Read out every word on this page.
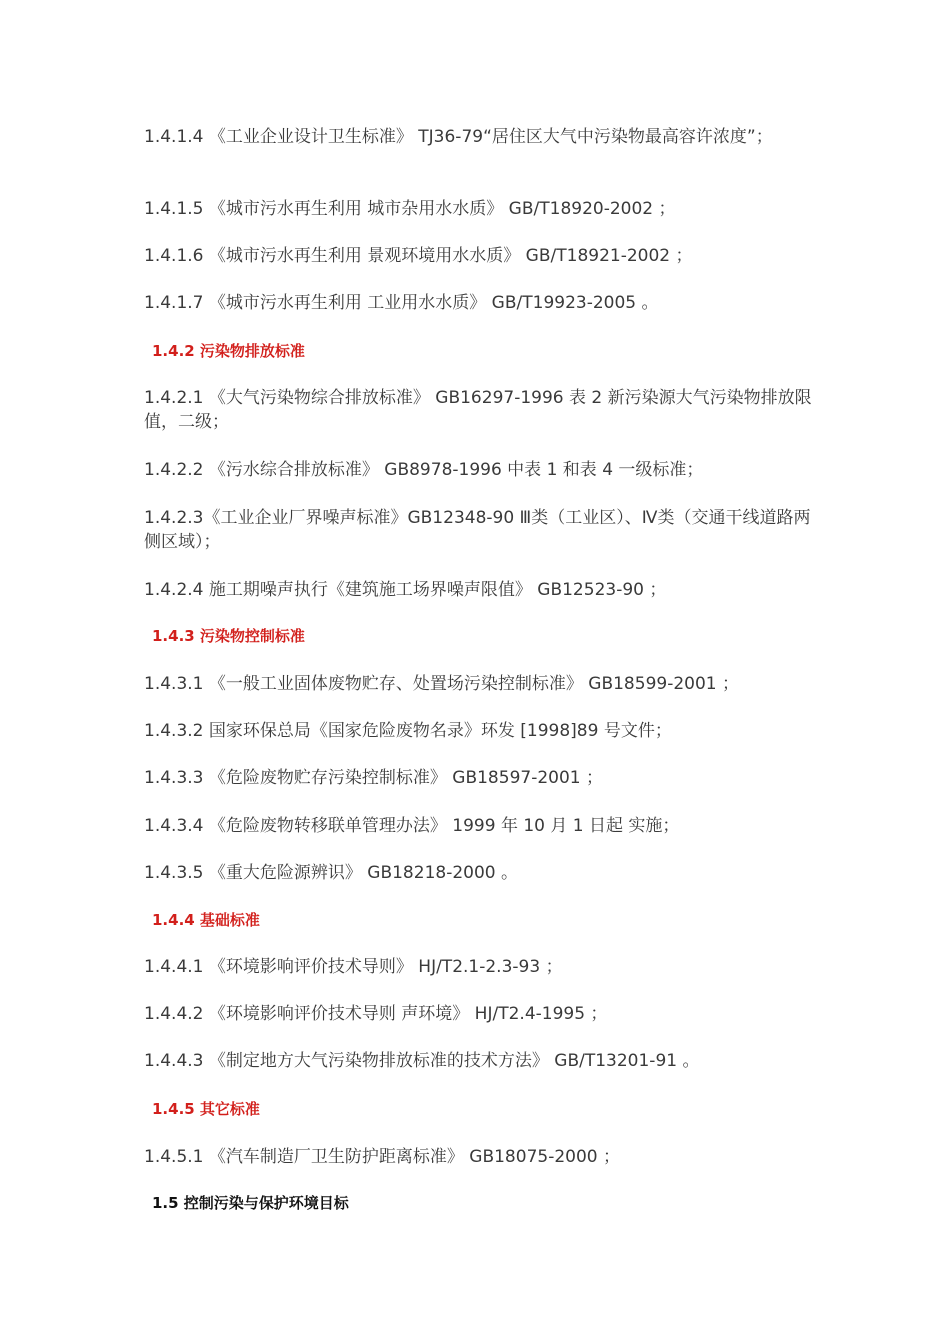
1.4.1.4 《工业企业设计卫生标准》 TJ36-79“居住区大气中污染物最高容许浓度”；
1.4.1.5 《城市污水再生利用 城市杂用水水质》 GB/T18920-2002 ；
1.4.1.6 《城市污水再生利用 景观环境用水水质》 GB/T18921-2002 ；
1.4.1.7 《城市污水再生利用 工业用水水质》 GB/T19923-2005 。
1.4.2 污染物排放标准
1.4.2.1 《大气污染物综合排放标准》 GB16297-1996 表 2 新污染源大气污染物排放限值，二级；
1.4.2.2 《污水综合排放标准》 GB8978-1996 中表 1 和表 4 一级标准；
1.4.2.3《工业企业厂界噪声标准》GB12348-90 Ⅲ类（工业区）、Ⅳ类（交通干线道路两侧区域）；
1.4.2.4 施工期噪声执行《建筑施工场界噪声限值》 GB12523-90 ；
1.4.3 污染物控制标准
1.4.3.1 《一般工业固体废物贮存、处置场污染控制标准》 GB18599-2001 ；
1.4.3.2 国家环保总局《国家危险废物名录》环发 [1998]89 号文件；
1.4.3.3 《危险废物贮存污染控制标准》 GB18597-2001 ；
1.4.3.4 《危险废物转移联单管理办法》 1999 年 10 月 1 日起 实施；
1.4.3.5 《重大危险源辨识》 GB18218-2000 。
1.4.4 基础标准
1.4.4.1 《环境影响评价技术导则》 HJ/T2.1-2.3-93 ；
1.4.4.2 《环境影响评价技术导则 声环境》 HJ/T2.4-1995 ；
1.4.4.3 《制定地方大气污染物排放标准的技术方法》 GB/T13201-91 。
1.4.5 其它标准
1.4.5.1 《汽车制造厂卫生防护距离标准》 GB18075-2000 ；
1.5 控制污染与保护环境目标
